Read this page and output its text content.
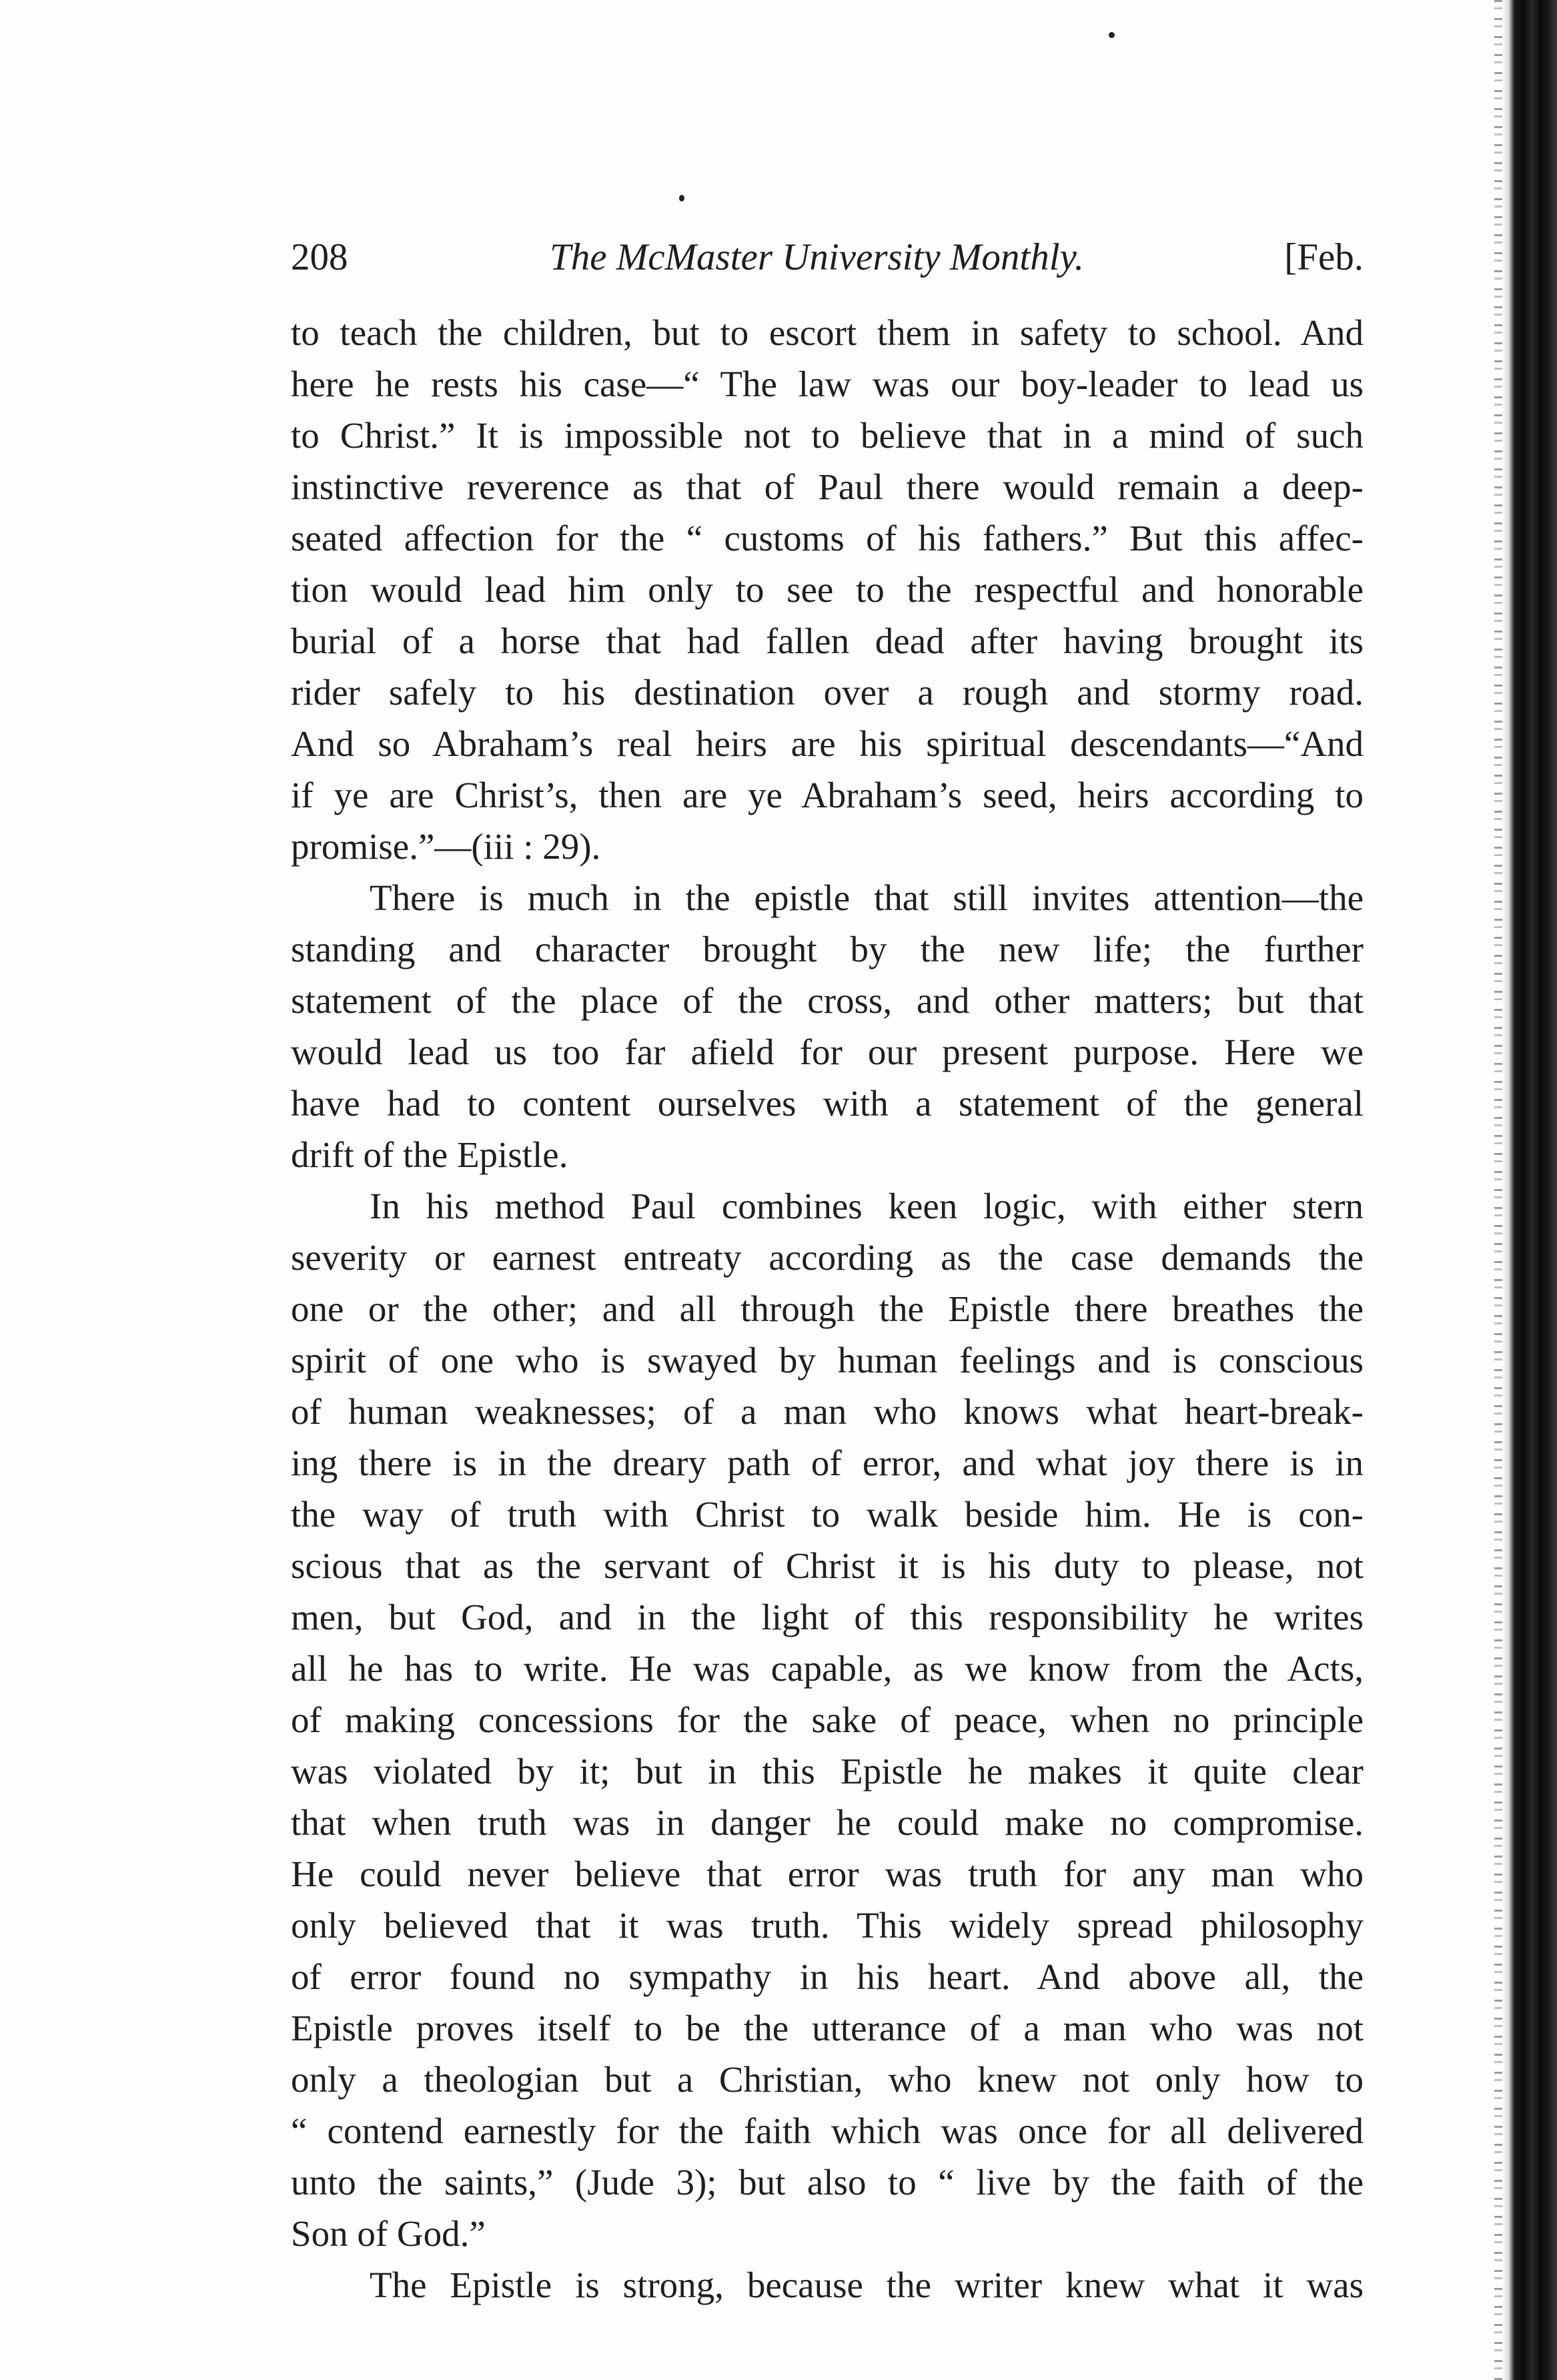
208	The McMaster University Monthly.	[Feb.
to teach the children, but to escort them in safety to school. And
here he rests his case—“ The law was our boy-leader to lead us
to Christ.” It is impossible not to believe that in a mind of such
instinctive reverence as that of Paul there would remain a deep-
seated affection for the “ customs of his fathers.” But this affec-
tion would lead him only to see to the respectful and honorable
burial of a horse that had fallen dead after having brought its
rider safely to his destination over a rough and stormy road.
And so Abraham’s real heirs are his spiritual descendants—“And
if ye are Christ’s, then are ye Abraham’s seed, heirs according to
promise.”—(iii : 29).
There is much in the epistle that still invites attention—the
standing and character brought by the new life; the further
statement of the place of the cross, and other matters; but that
would lead us too far afield for our present purpose. Here we
have had to content ourselves with a statement of the general
drift of the Epistle.
In his method Paul combines keen logic, with either stern
severity or earnest entreaty according as the case demands the
one or the other; and all through the Epistle there breathes the
spirit of one who is swayed by human feelings and is conscious
of human weaknesses; of a man who knows what heart-break-
ing there is in the dreary path of error, and what joy there is in
the way of truth with Christ to walk beside him. He is con-
scious that as the servant of Christ it is his duty to please, not
men, but God, and in the light of this responsibility he writes
all he has to write. He was capable, as we know from the Acts,
of making concessions for the sake of peace, when no principle
was violated by it; but in this Epistle he makes it quite clear
that when truth was in danger he could make no compromise.
He could never believe that error was truth for any man who
only believed that it was truth. This widely spread philosophy
of error found no sympathy in his heart. And above all, the
Epistle proves itself to be the utterance of a man who was not
only a theologian but a Christian, who knew not only how to
“ contend earnestly for the faith which was once for all delivered
unto the saints,” (Jude 3); but also to “ live by the faith of the
Son of God.”
The Epistle is strong, because the writer knew what it was
